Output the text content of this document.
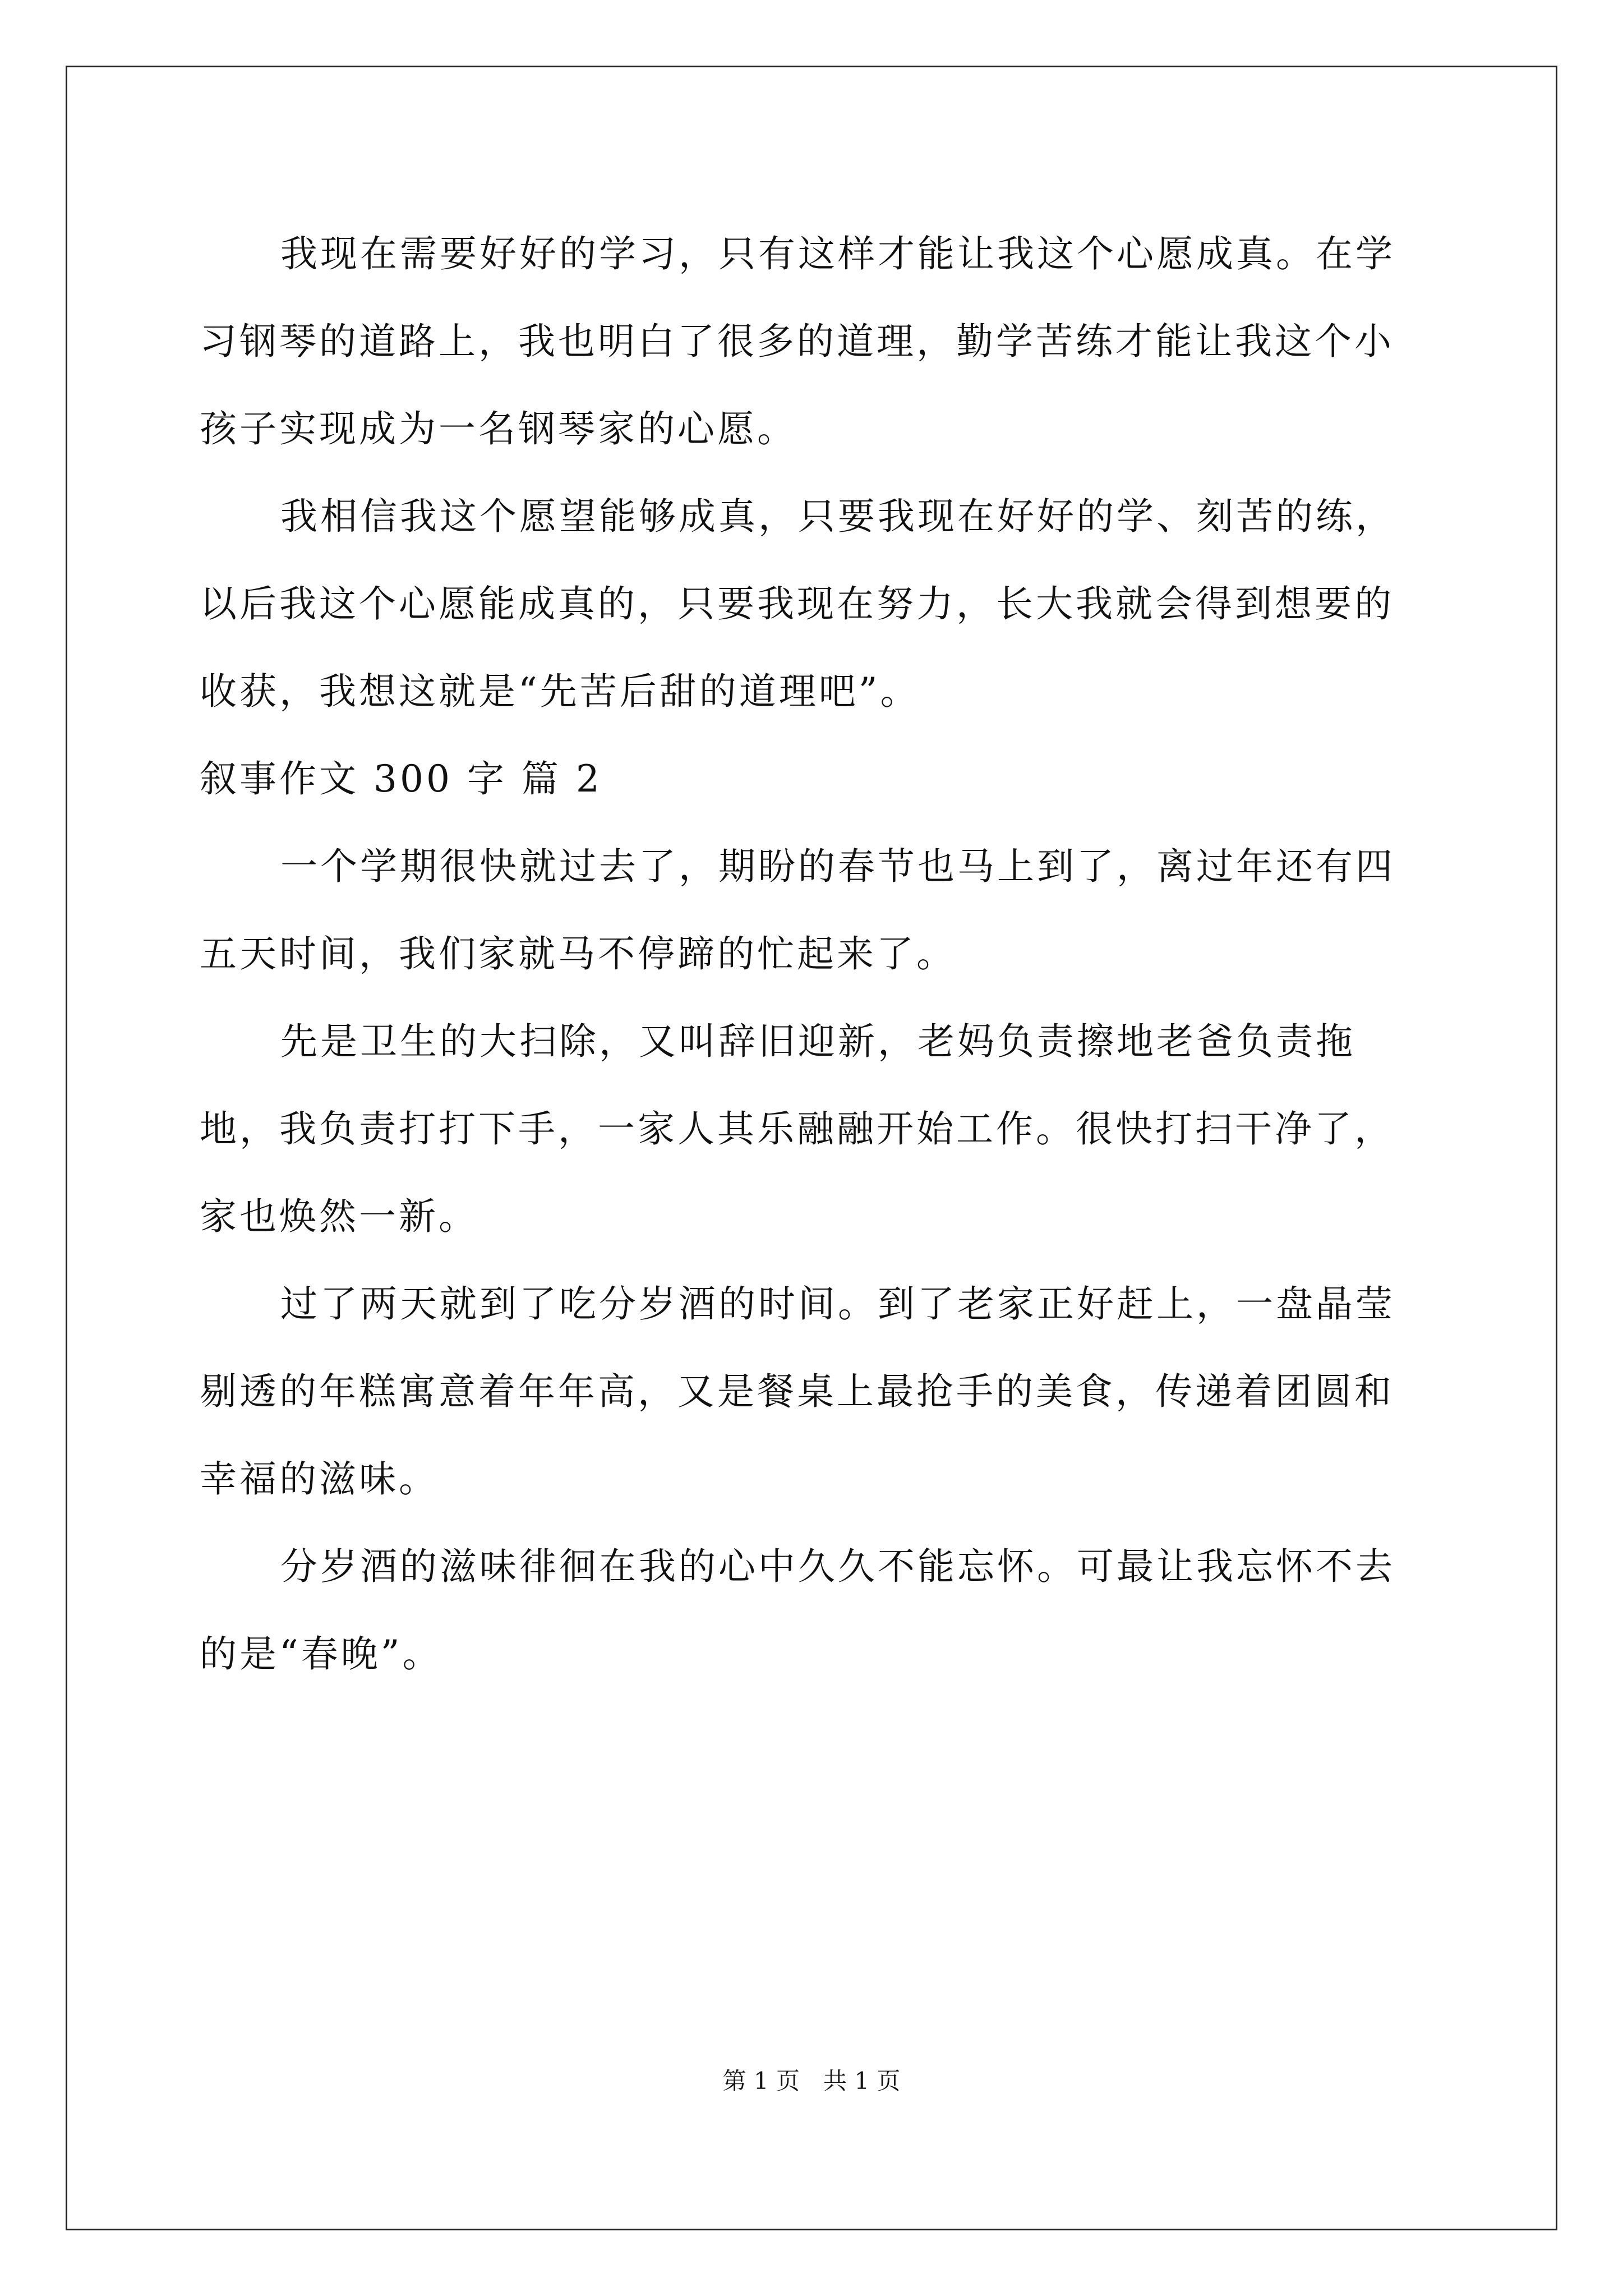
我现在需要好好的学习，只有这样才能让我这个心愿成真。在学习钢琴的道路上，我也明白了很多的道理，勤学苦练才能让我这个小孩子实现成为一名钢琴家的心愿。

我相信我这个愿望能够成真，只要我现在好好的学、刻苦的练，以后我这个心愿能成真的，只要我现在努力，长大我就会得到想要的收获，我想这就是“先苦后甜的道理吧”。

叙事作文 300 字 篇 2

一个学期很快就过去了，期盼的春节也马上到了，离过年还有四五天时间，我们家就马不停蹄的忙起来了。

先是卫生的大扫除，又叫辞旧迎新，老妈负责擦地老爸负责拖地，我负责打打下手，一家人其乐融融开始工作。很快打扫干净了，家也焕然一新。

过了两天就到了吃分岁酒的时间。到了老家正好赶上，一盘晶莹剔透的年糕寓意着年年高，又是餐桌上最抢手的美食，传递着团圆和幸福的滋味。

分岁酒的滋味徘徊在我的心中久久不能忘怀。可最让我忘怀不去的是“春晚”。

第 1 页　共 1 页
